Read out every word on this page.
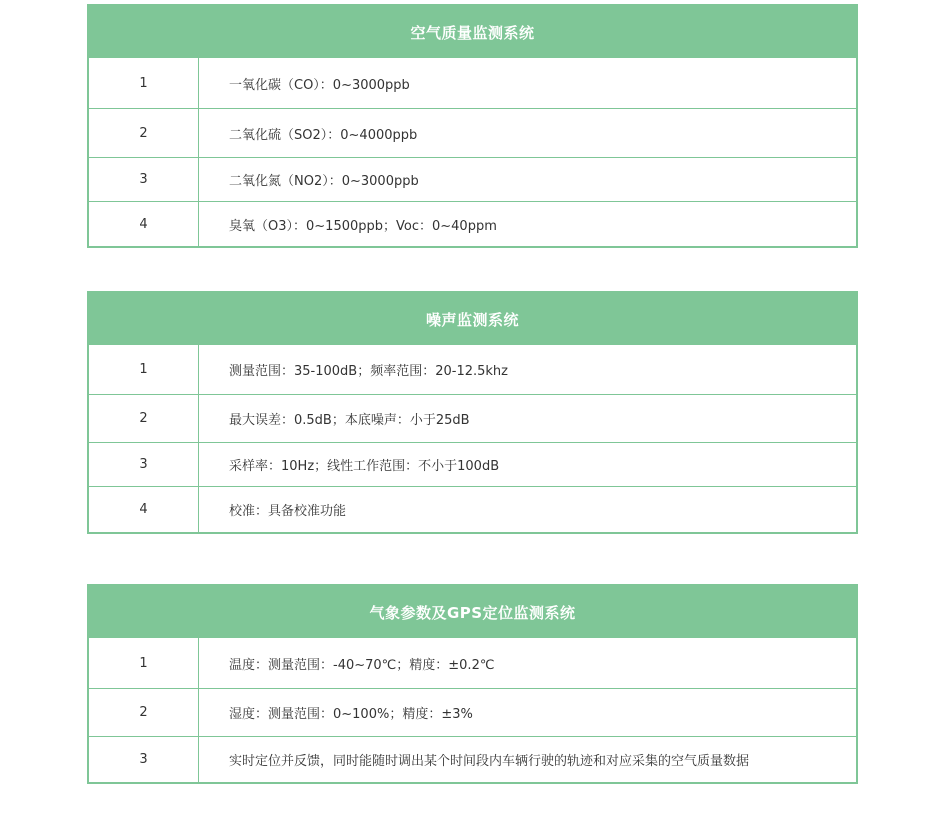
空气质量监测系统
1	一氧化碳（CO）：0~3000ppb
2	二氧化硫（SO2）：0~4000ppb
3	二氧化氮（NO2）：0~3000ppb
4	臭氧（O3）：0~1500ppb；Voc：0~40ppm
噪声监测系统
1	测量范围：35-100dB；频率范围：20-12.5khz
2	最大误差：0.5dB；本底噪声：小于25dB
3	采样率：10Hz；线性工作范围：不小于100dB
4	校准：具备校准功能
气象参数及GPS定位监测系统
1	温度：测量范围：-40~70℃；精度：±0.2℃
2	湿度：测量范围：0~100%；精度：±3%
3	实时定位并反馈，同时能随时调出某个时间段内车辆行驶的轨迹和对应采集的空气质量数据
